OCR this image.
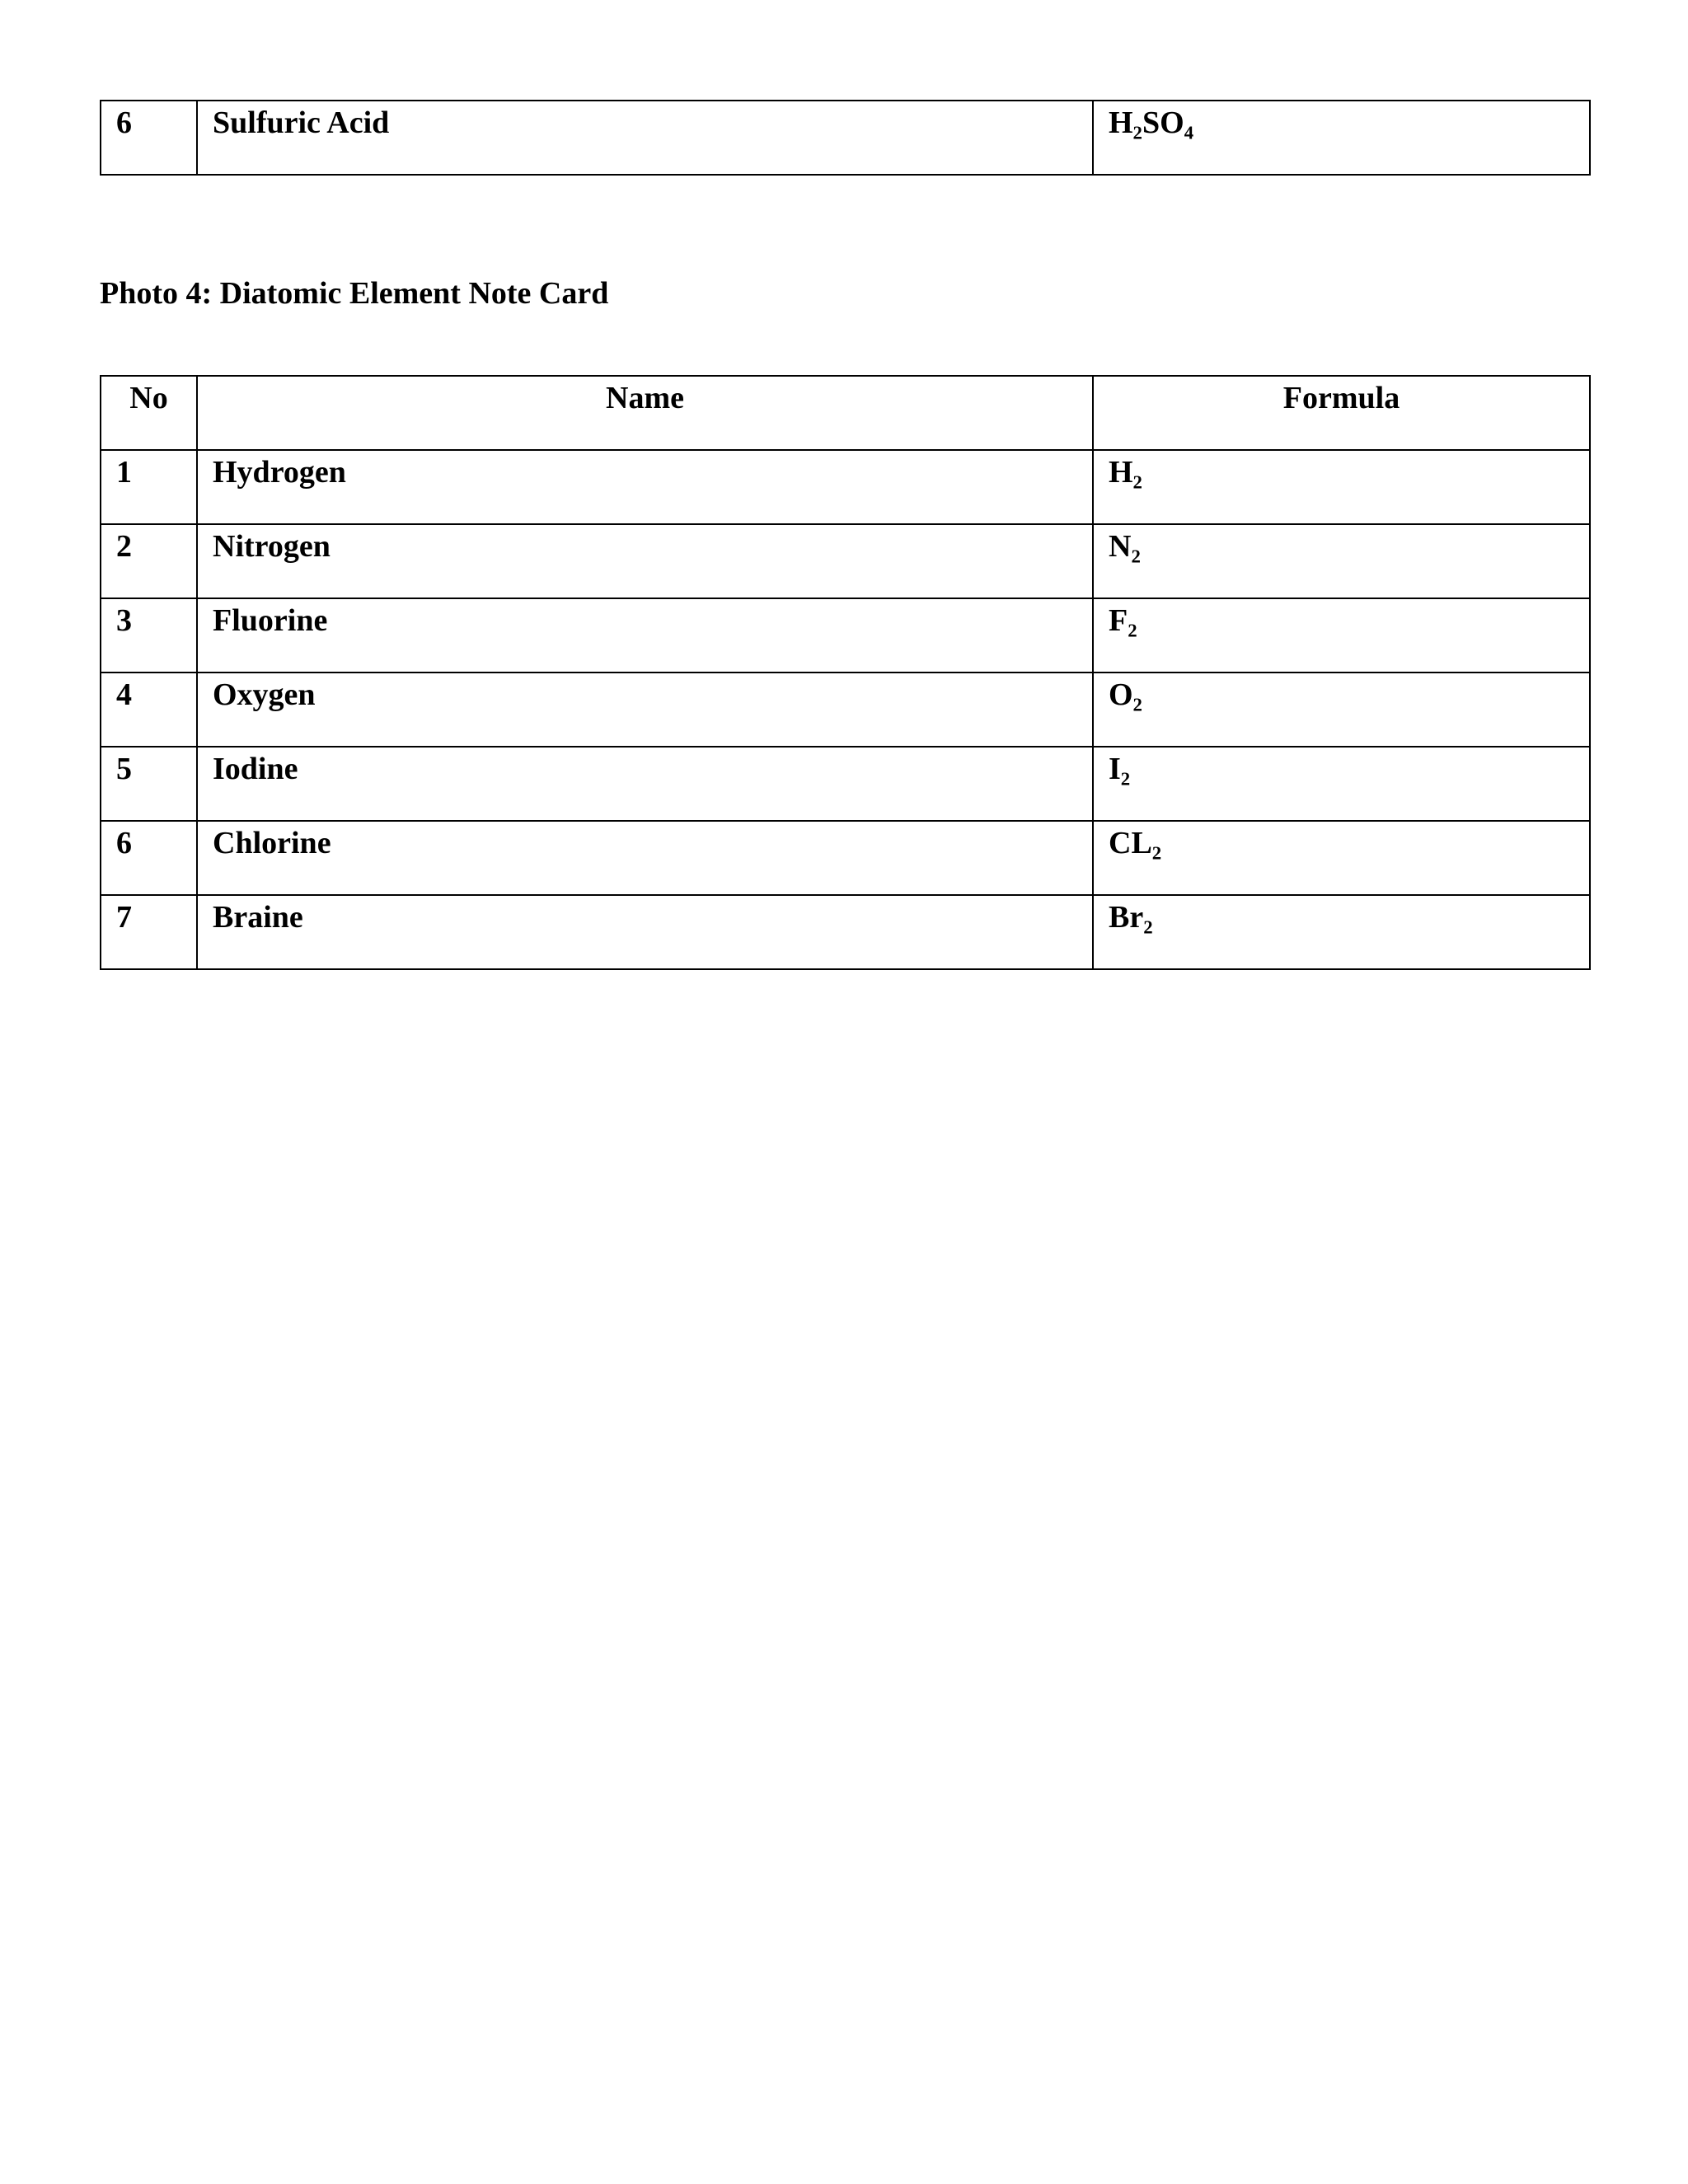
6	Sulfuric Acid	H₂SO₄

Photo 4: Diatomic Element Note Card

No	Name	Formula
1	Hydrogen	H₂
2	Nitrogen	N₂
3	Fluorine	F₂
4	Oxygen	O₂
5	Iodine	I₂
6	Chlorine	CL₂
7	Braine	Br₂
